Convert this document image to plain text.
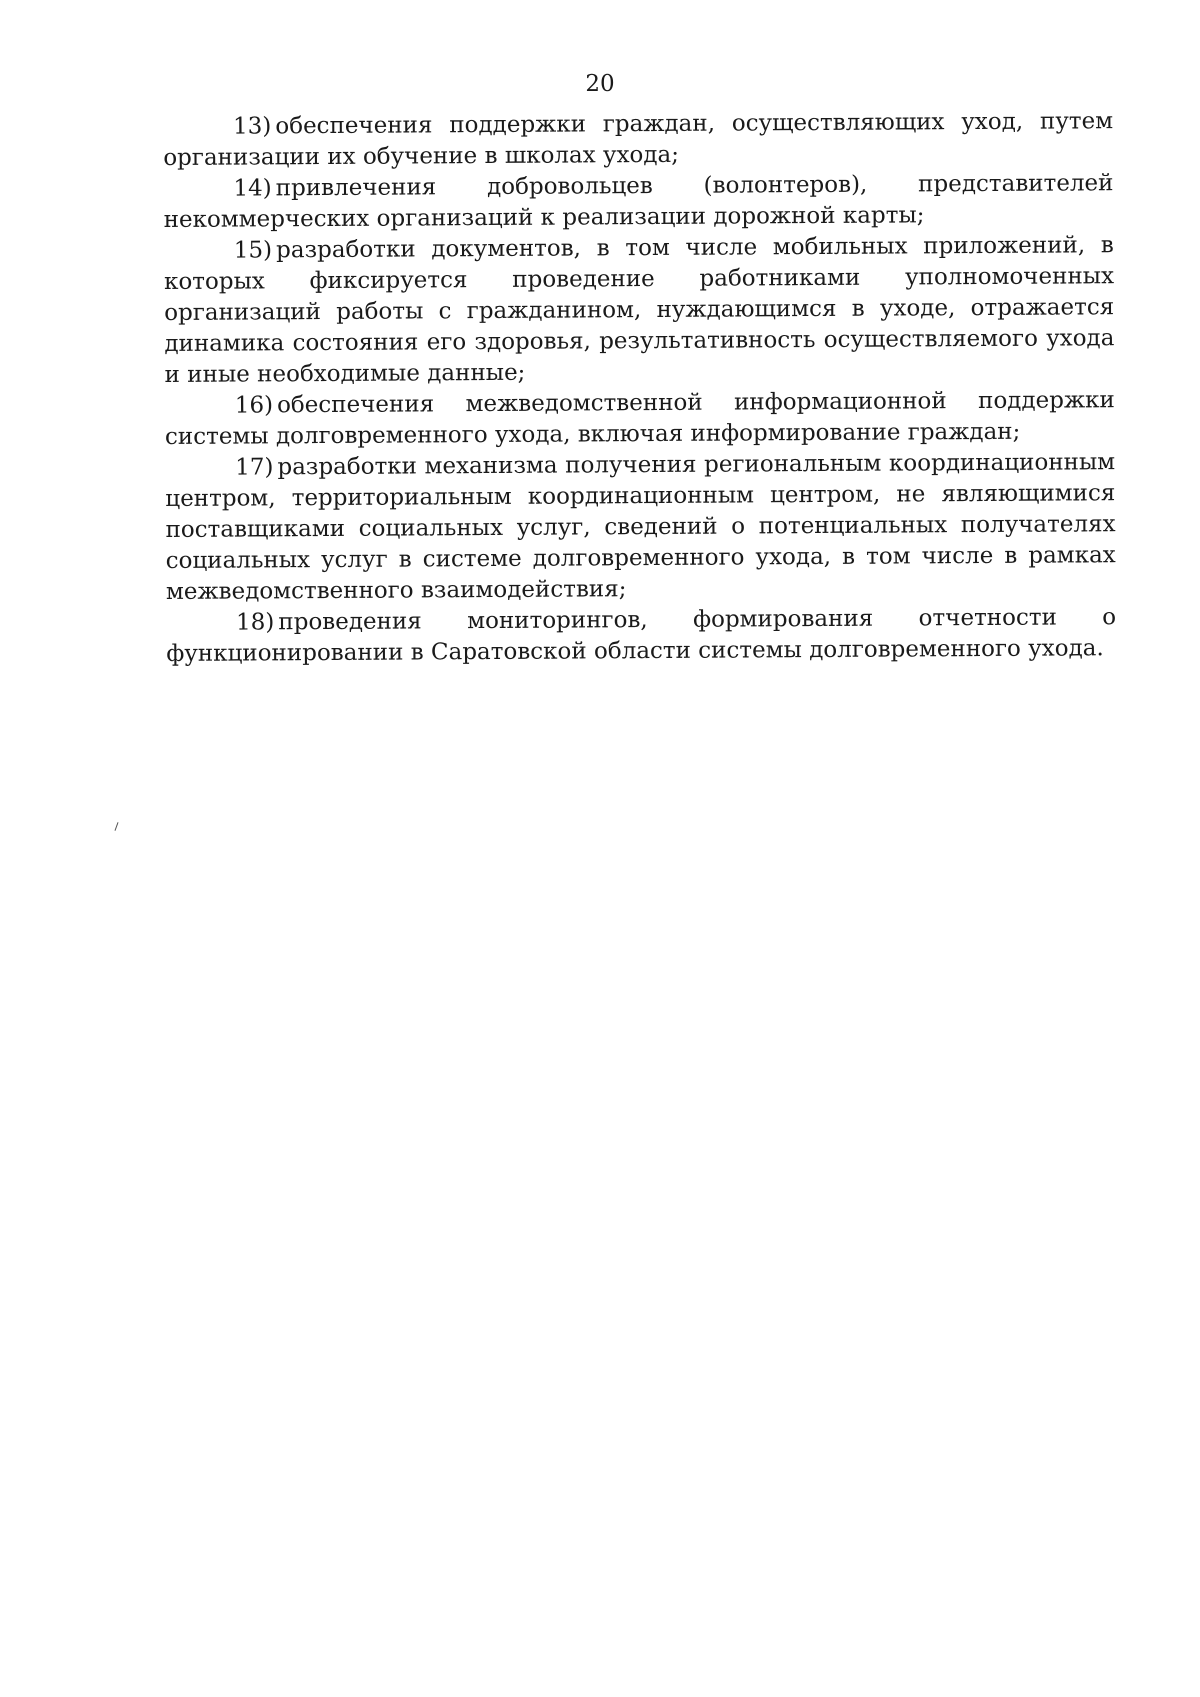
20

13) обеспечения поддержки граждан, осуществляющих уход, путем организации их обучение в школах ухода;

14) привлечения добровольцев (волонтеров), представителей некоммерческих организаций к реализации дорожной карты;

15) разработки документов, в том числе мобильных приложений, в которых фиксируется проведение работниками уполномоченных организаций работы с гражданином, нуждающимся в уходе, отражается динамика состояния его здоровья, результативность осуществляемого ухода и иные необходимые данные;

16) обеспечения межведомственной информационной поддержки системы долговременного ухода, включая информирование граждан;

17) разработки механизма получения региональным координационным центром, территориальным координационным центром, не являющимися поставщиками социальных услуг, сведений о потенциальных получателях социальных услуг в системе долговременного ухода, в том числе в рамках межведомственного взаимодействия;

18) проведения мониторингов, формирования отчетности о функционировании в Саратовской области системы долговременного ухода.
